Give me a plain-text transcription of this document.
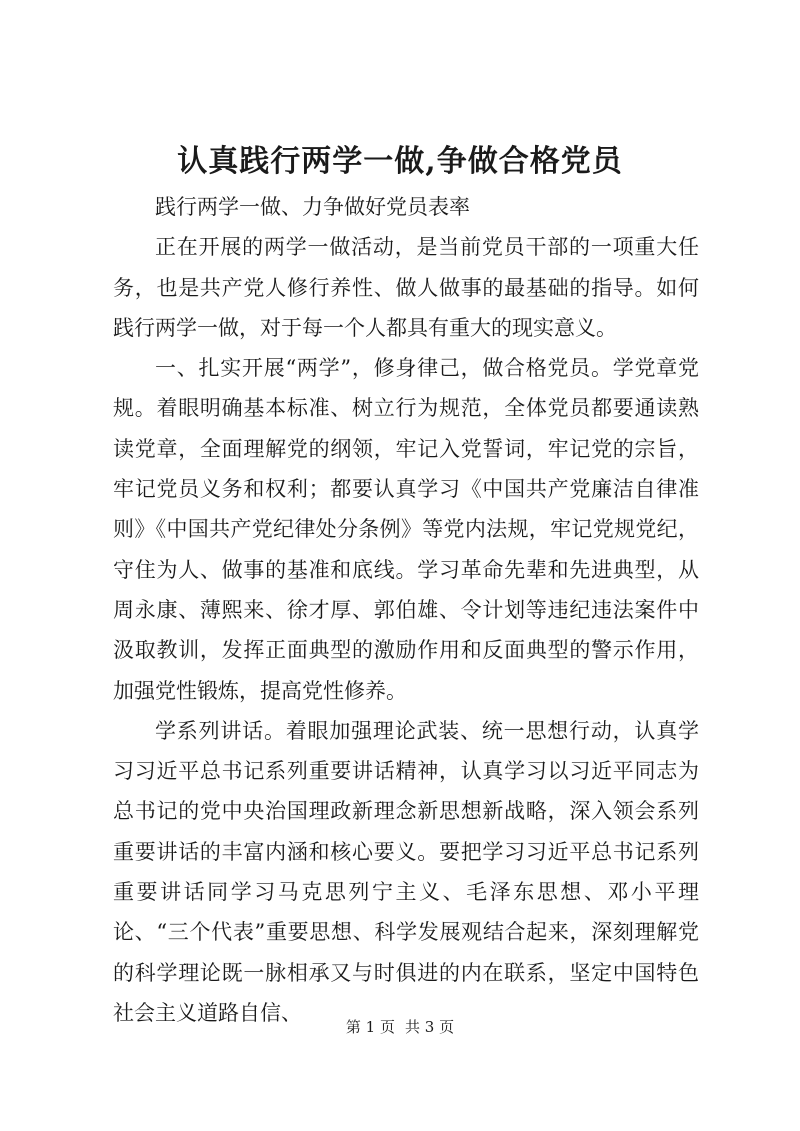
认真践行两学一做,争做合格党员

践行两学一做、力争做好党员表率

正在开展的两学一做活动，是当前党员干部的一项重大任务，也是共产党人修行养性、做人做事的最基础的指导。如何践行两学一做，对于每一个人都具有重大的现实意义。

一、扎实开展“两学”，修身律己，做合格党员。学党章党规。着眼明确基本标准、树立行为规范，全体党员都要通读熟读党章，全面理解党的纲领，牢记入党誓词，牢记党的宗旨，牢记党员义务和权利；都要认真学习《中国共产党廉洁自律准则》《中国共产党纪律处分条例》等党内法规，牢记党规党纪，守住为人、做事的基准和底线。学习革命先辈和先进典型，从周永康、薄熙来、徐才厚、郭伯雄、令计划等违纪违法案件中汲取教训，发挥正面典型的激励作用和反面典型的警示作用，加强党性锻炼，提高党性修养。

学系列讲话。着眼加强理论武装、统一思想行动，认真学习习近平总书记系列重要讲话精神，认真学习以习近平同志为总书记的党中央治国理政新理念新思想新战略，深入领会系列重要讲话的丰富内涵和核心要义。要把学习习近平总书记系列重要讲话同学习马克思列宁主义、毛泽东思想、邓小平理论、“三个代表”重要思想、科学发展观结合起来，深刻理解党的科学理论既一脉相承又与时俱进的内在联系，坚定中国特色社会主义道路自信、

第 1 页 共 3 页
